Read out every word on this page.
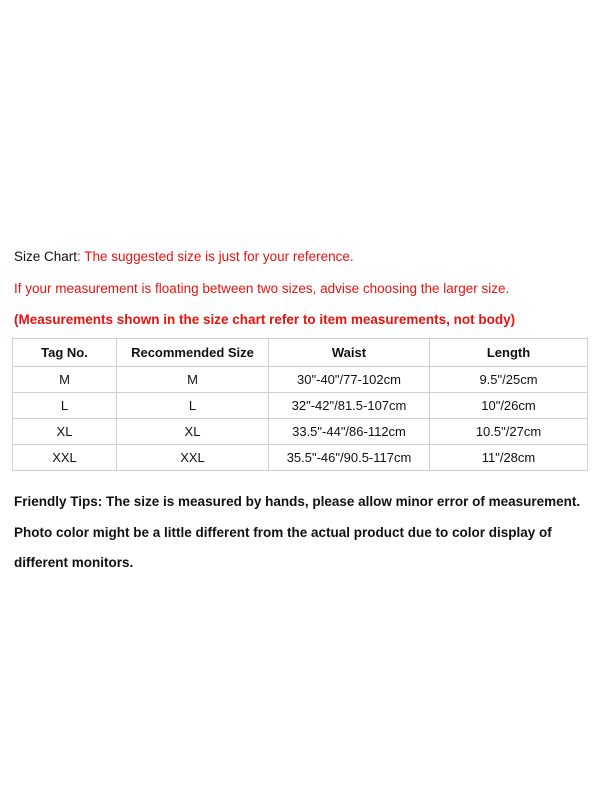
Size Chart: The suggested size is just for your reference.
If your measurement is floating between two sizes, advise choosing the larger size.
(Measurements shown in the size chart refer to item measurements, not body)
Tag No.	Recommended Size	Waist	Length
M	M	30"-40"/77-102cm	9.5"/25cm
L	L	32"-42"/81.5-107cm	10"/26cm
XL	XL	33.5"-44"/86-112cm	10.5"/27cm
XXL	XXL	35.5"-46"/90.5-117cm	11"/28cm
Friendly Tips: The size is measured by hands, please allow minor error of measurement.
Photo color might be a little different from the actual product due to color display of
different monitors.
